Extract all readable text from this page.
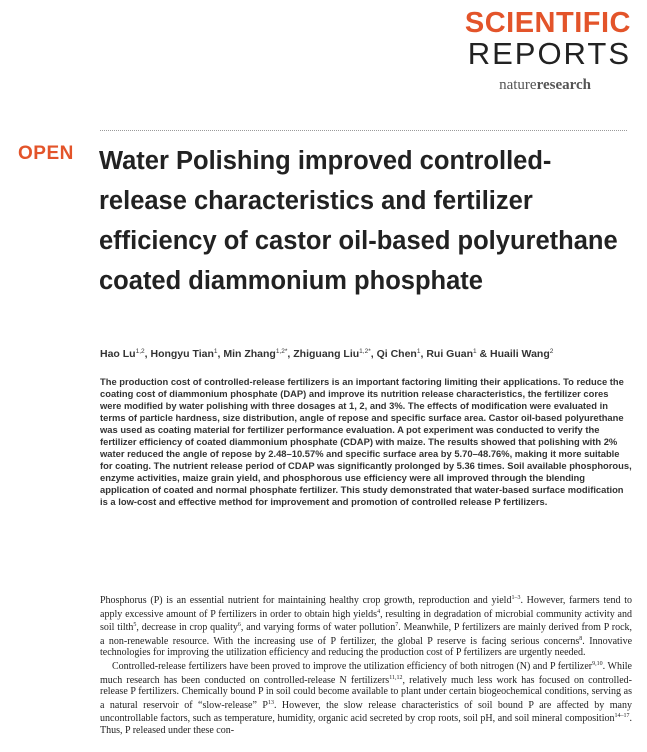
SCIENTIFIC
REPORTS
natureresearch
OPEN Water Polishing improved controlled-release characteristics and fertilizer efficiency of castor oil-based polyurethane coated diammonium phosphate
Hao Lu$^{1,2}$, Hongyu Tian$^1$, Min Zhang$^{1,2*}$, Zhiguang Liu$^{1,2*}$, Qi Chen$^1$, Rui Guan$^1$ & Huaili Wang$^2$
The production cost of controlled-release fertilizers is an important factoring limiting their applications. To reduce the coating cost of diammonium phosphate (DAP) and improve its nutrition release characteristics, the fertilizer cores were modified by water polishing with three dosages at 1, 2, and 3%. The effects of modification were evaluated in terms of particle hardness, size distribution, angle of repose and specific surface area. Castor oil-based polyurethane was used as coating material for fertilizer performance evaluation. A pot experiment was conducted to verify the fertilizer efficiency of coated diammonium phosphate (CDAP) with maize. The results showed that polishing with 2% water reduced the angle of repose by 2.48–10.57% and specific surface area by 5.70–48.76%, making it more suitable for coating. The nutrient release period of CDAP was significantly prolonged by 5.36 times. Soil available phosphorous, enzyme activities, maize grain yield, and phosphorous use efficiency were all improved through the blending application of coated and normal phosphate fertilizer. This study demonstrated that water-based surface modification is a low-cost and effective method for improvement and promotion of controlled release P fertilizers.

Phosphorus (P) is an essential nutrient for maintaining healthy crop growth, reproduction and yield$^{1-3}$. However, farmers tend to apply excessive amount of P fertilizers in order to obtain high yields$^4$, resulting in degradation of microbial community activity and soil tilth$^5$, decrease in crop quality$^6$, and varying forms of water pollution$^7$. Meanwhile, P fertilizers are mainly derived from P rock, a non-renewable resource. With the increasing use of P fertilizer, the global P reserve is facing serious concerns$^8$. Innovative technologies for improving the utilization efficiency and reducing the production cost of P fertilizers are urgently needed.

Controlled-release fertilizers have been proved to improve the utilization efficiency of both nitrogen (N) and P fertilizer$^{9,10}$. While much research has been conducted on controlled-release N fertilizers$^{11,12}$, relatively much less work has focused on controlled-release P fertilizers. Chemically bound P in soil could become available to plant under certain biogeochemical conditions, serving as a natural reservoir of “slow-release” $P^{13}$. However, the slow release characteristics of soil bound P are affected by many uncontrollable factors, such as temperature, humidity, organic acid secreted by crop roots, soil pH, and soil mineral composition$^{14-17}$. Thus, P released under these con-
